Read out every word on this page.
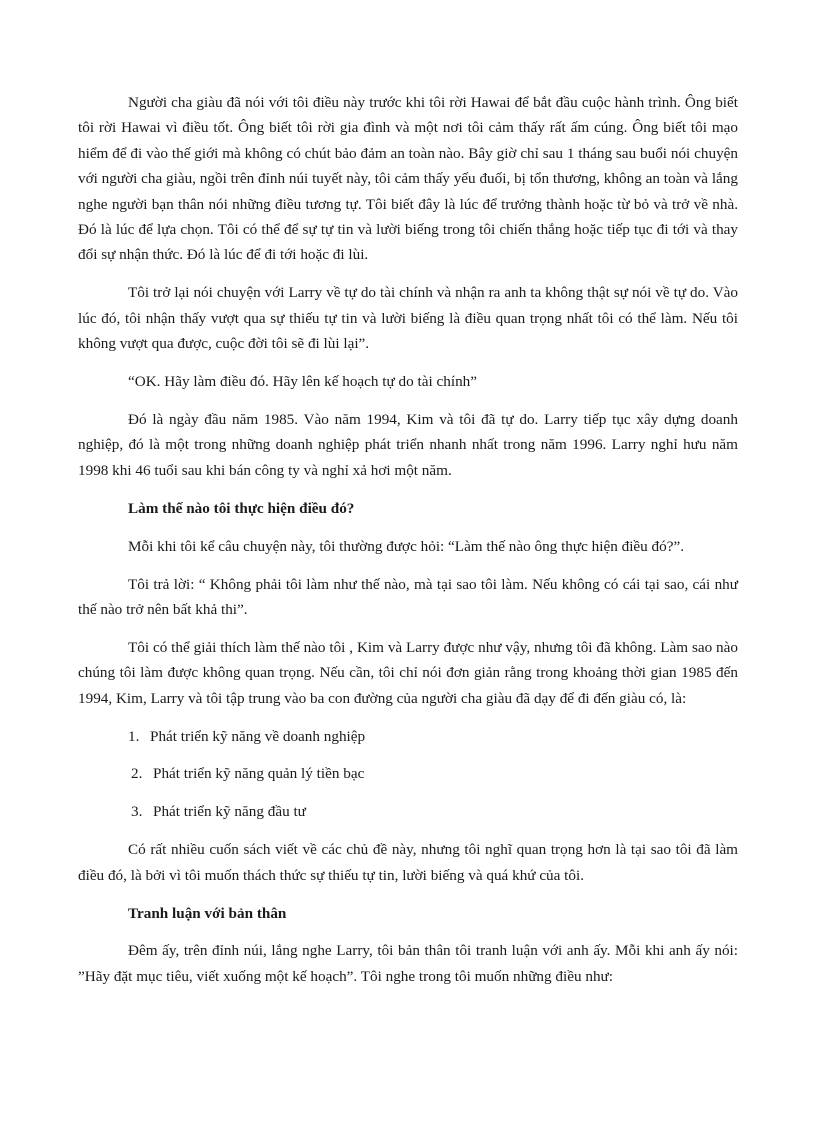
Người cha giàu đã nói với tôi điều này trước khi tôi rời Hawai để bắt đầu cuộc hành trình. Ông biết tôi rời Hawai vì điều tốt. Ông biết tôi rời gia đình và một nơi tôi cảm thấy rất ấm cúng. Ông biết tôi mạo hiểm để đi vào thế giới mà không có chút bảo đảm an toàn nào. Bây giờ chỉ sau 1 tháng sau buổi nói chuyện với người cha giàu, ngồi trên đỉnh núi tuyết này, tôi cảm thấy yếu đuối, bị tổn thương, không an toàn và lắng nghe người bạn thân nói những điều tương tự. Tôi biết đây là lúc để trưởng thành hoặc từ bỏ và trở về nhà. Đó là lúc để lựa chọn. Tôi có thể để sự tự tin và lười biếng trong tôi chiến thắng hoặc tiếp tục đi tới và thay đổi sự nhận thức. Đó là lúc để đi tới hoặc đi lùi.

Tôi trở lại nói chuyện với Larry về tự do tài chính và nhận ra anh ta không thật sự nói về tự do. Vào lúc đó, tôi nhận thấy vượt qua sự thiếu tự tin và lười biếng là điều quan trọng nhất tôi có thể làm. Nếu tôi không vượt qua được, cuộc đời tôi sẽ đi lùi lại”.

“OK. Hãy làm điều đó. Hãy lên kế hoạch tự do tài chính”

Đó là ngày đầu năm 1985. Vào năm 1994, Kim và tôi đã tự do. Larry tiếp tục xây dựng doanh nghiệp, đó là một trong những doanh nghiệp phát triển nhanh nhất trong năm 1996. Larry nghỉ hưu năm 1998 khi 46 tuổi sau khi bán công ty và nghỉ xả hơi một năm.

Làm thế nào tôi thực hiện điều đó?

Mỗi khi tôi kể câu chuyện này, tôi thường được hỏi: “Làm thế nào ông thực hiện điều đó?”.

Tôi trả lời: “ Không phải tôi làm như thế nào, mà tại sao tôi làm. Nếu không có cái tại sao, cái như thế nào trở nên bất khả thi”.

Tôi có thể giải thích làm thế nào tôi , Kim và Larry được như vậy, nhưng tôi đã không. Làm sao nào chúng tôi làm được không quan trọng. Nếu cần, tôi chỉ nói đơn giản rằng trong khoảng thời gian 1985 đến 1994, Kim, Larry và tôi tập trung vào ba con đường của người cha giàu đã dạy để đi đến giàu có, là:

1. Phát triển kỹ năng về doanh nghiệp

2. Phát triển kỹ năng quản lý tiền bạc

3. Phát triển kỹ năng đầu tư

Có rất nhiều cuốn sách viết về các chủ đề này, nhưng tôi nghĩ quan trọng hơn là tại sao tôi đã làm điều đó, là bởi vì tôi muốn thách thức sự thiếu tự tin, lười biếng và quá khứ của tôi.

Tranh luận với bản thân

Đêm ấy, trên đỉnh núi, lắng nghe Larry, tôi bản thân tôi tranh luận với anh ấy. Mỗi khi anh ấy nói: ”Hãy đặt mục tiêu, viết xuống một kế hoạch”. Tôi nghe trong tôi muốn những điều như:
